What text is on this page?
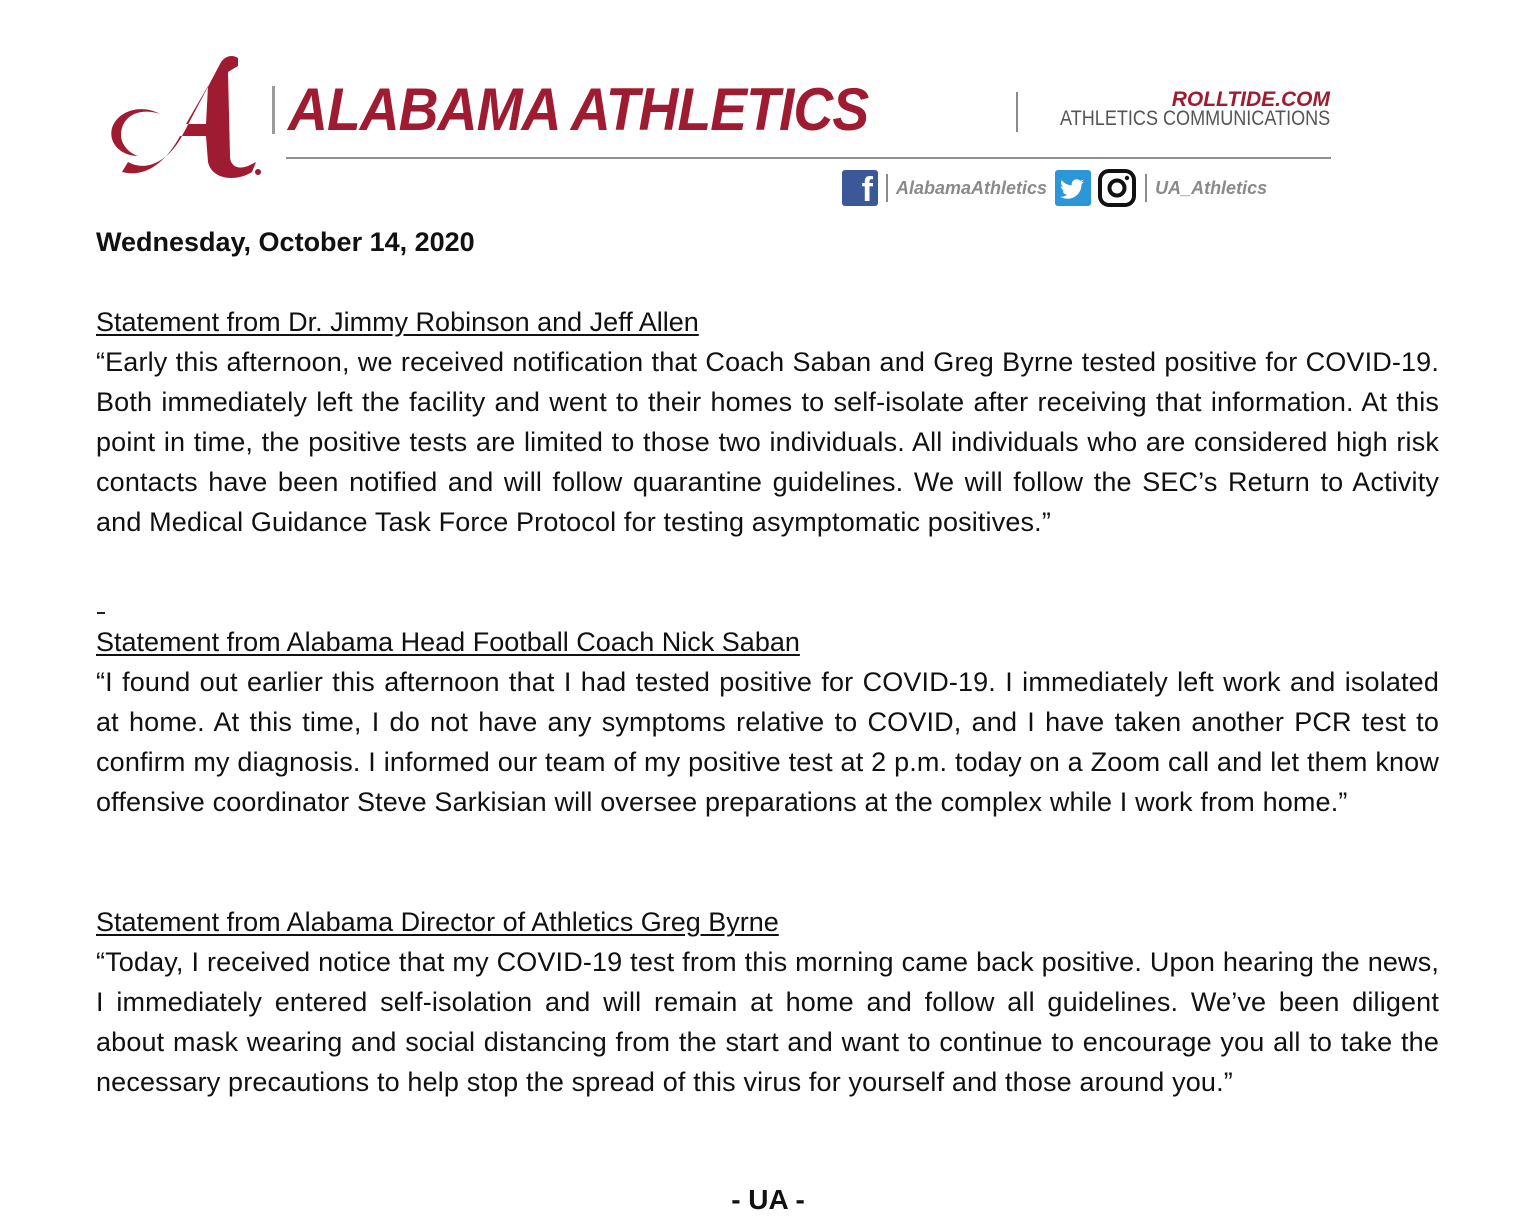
ALABAMA ATHLETICS	ROLLTIDE.COM
ATHLETICS COMMUNICATIONS
f AlabamaAthletics	UA_Athletics
Wednesday, October 14, 2020
Statement from Dr. Jimmy Robinson and Jeff Allen
“Early this afternoon, we received notification that Coach Saban and Greg Byrne tested positive for COVID-19. Both immediately left the facility and went to their homes to self-isolate after receiving that information. At this point in time, the positive tests are limited to those two individuals. All individuals who are considered high risk contacts have been notified and will follow quarantine guidelines. We will follow the SEC’s Return to Activity and Medical Guidance Task Force Protocol for testing asymptomatic positives.”
Statement from Alabama Head Football Coach Nick Saban
“I found out earlier this afternoon that I had tested positive for COVID-19. I immediately left work and isolated at home. At this time, I do not have any symptoms relative to COVID, and I have taken another PCR test to confirm my diagnosis. I informed our team of my positive test at 2 p.m. today on a Zoom call and let them know offensive coordinator Steve Sarkisian will oversee preparations at the complex while I work from home.”
Statement from Alabama Director of Athletics Greg Byrne
“Today, I received notice that my COVID-19 test from this morning came back positive. Upon hearing the news, I immediately entered self-isolation and will remain at home and follow all guidelines. We’ve been diligent about mask wearing and social distancing from the start and want to continue to encourage you all to take the necessary precautions to help stop the spread of this virus for yourself and those around you.”
- UA -
